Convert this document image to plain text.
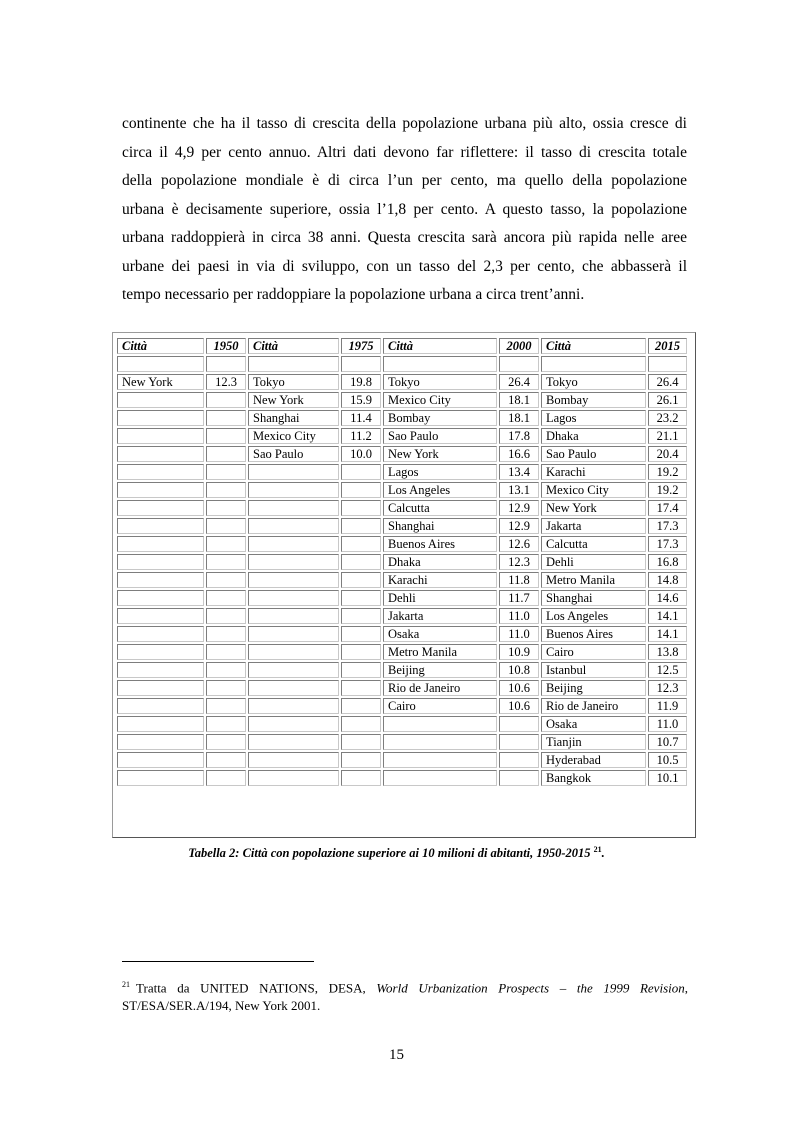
continente che ha il tasso di crescita della popolazione urbana più alto, ossia cresce di
circa il 4,9 per cento annuo. Altri dati devono far riflettere: il tasso di crescita totale
della popolazione mondiale è di circa l’un per cento, ma quello della popolazione
urbana è decisamente superiore, ossia l’1,8 per cento. A questo tasso, la popolazione
urbana raddoppierà in circa 38 anni. Questa crescita sarà ancora più rapida nelle aree
urbane dei paesi in via di sviluppo, con un tasso del 2,3 per cento, che abbasserà il
tempo necessario per raddoppiare la popolazione urbana a circa trent’anni.
Città	1950	Città	1975	Città	2000	Città	2015

New York	12.3	Tokyo	19.8	Tokyo	26.4	Tokyo	26.4
		New York	15.9	Mexico City	18.1	Bombay	26.1
		Shanghai	11.4	Bombay	18.1	Lagos	23.2
		Mexico City	11.2	Sao Paulo	17.8	Dhaka	21.1
		Sao Paulo	10.0	New York	16.6	Sao Paulo	20.4
				Lagos	13.4	Karachi	19.2
				Los Angeles	13.1	Mexico City	19.2
				Calcutta	12.9	New York	17.4
				Shanghai	12.9	Jakarta	17.3
				Buenos Aires	12.6	Calcutta	17.3
				Dhaka	12.3	Dehli	16.8
				Karachi	11.8	Metro Manila	14.8
				Dehli	11.7	Shanghai	14.6
				Jakarta	11.0	Los Angeles	14.1
				Osaka	11.0	Buenos Aires	14.1
				Metro Manila	10.9	Cairo	13.8
				Beijing	10.8	Istanbul	12.5
				Rio de Janeiro	10.6	Beijing	12.3
				Cairo	10.6	Rio de Janeiro	11.9
						Osaka	11.0
						Tianjin	10.7
						Hyderabad	10.5
						Bangkok	10.1
Tabella 2: Città con popolazione superiore ai 10 milioni di abitanti, 1950-2015 $^{21}$.
$^{21}$ Tratta da UNITED NATIONS, DESA, World Urbanization Prospects – the 1999 Revision,
ST/ESA/SER.A/194, New York 2001.
15
